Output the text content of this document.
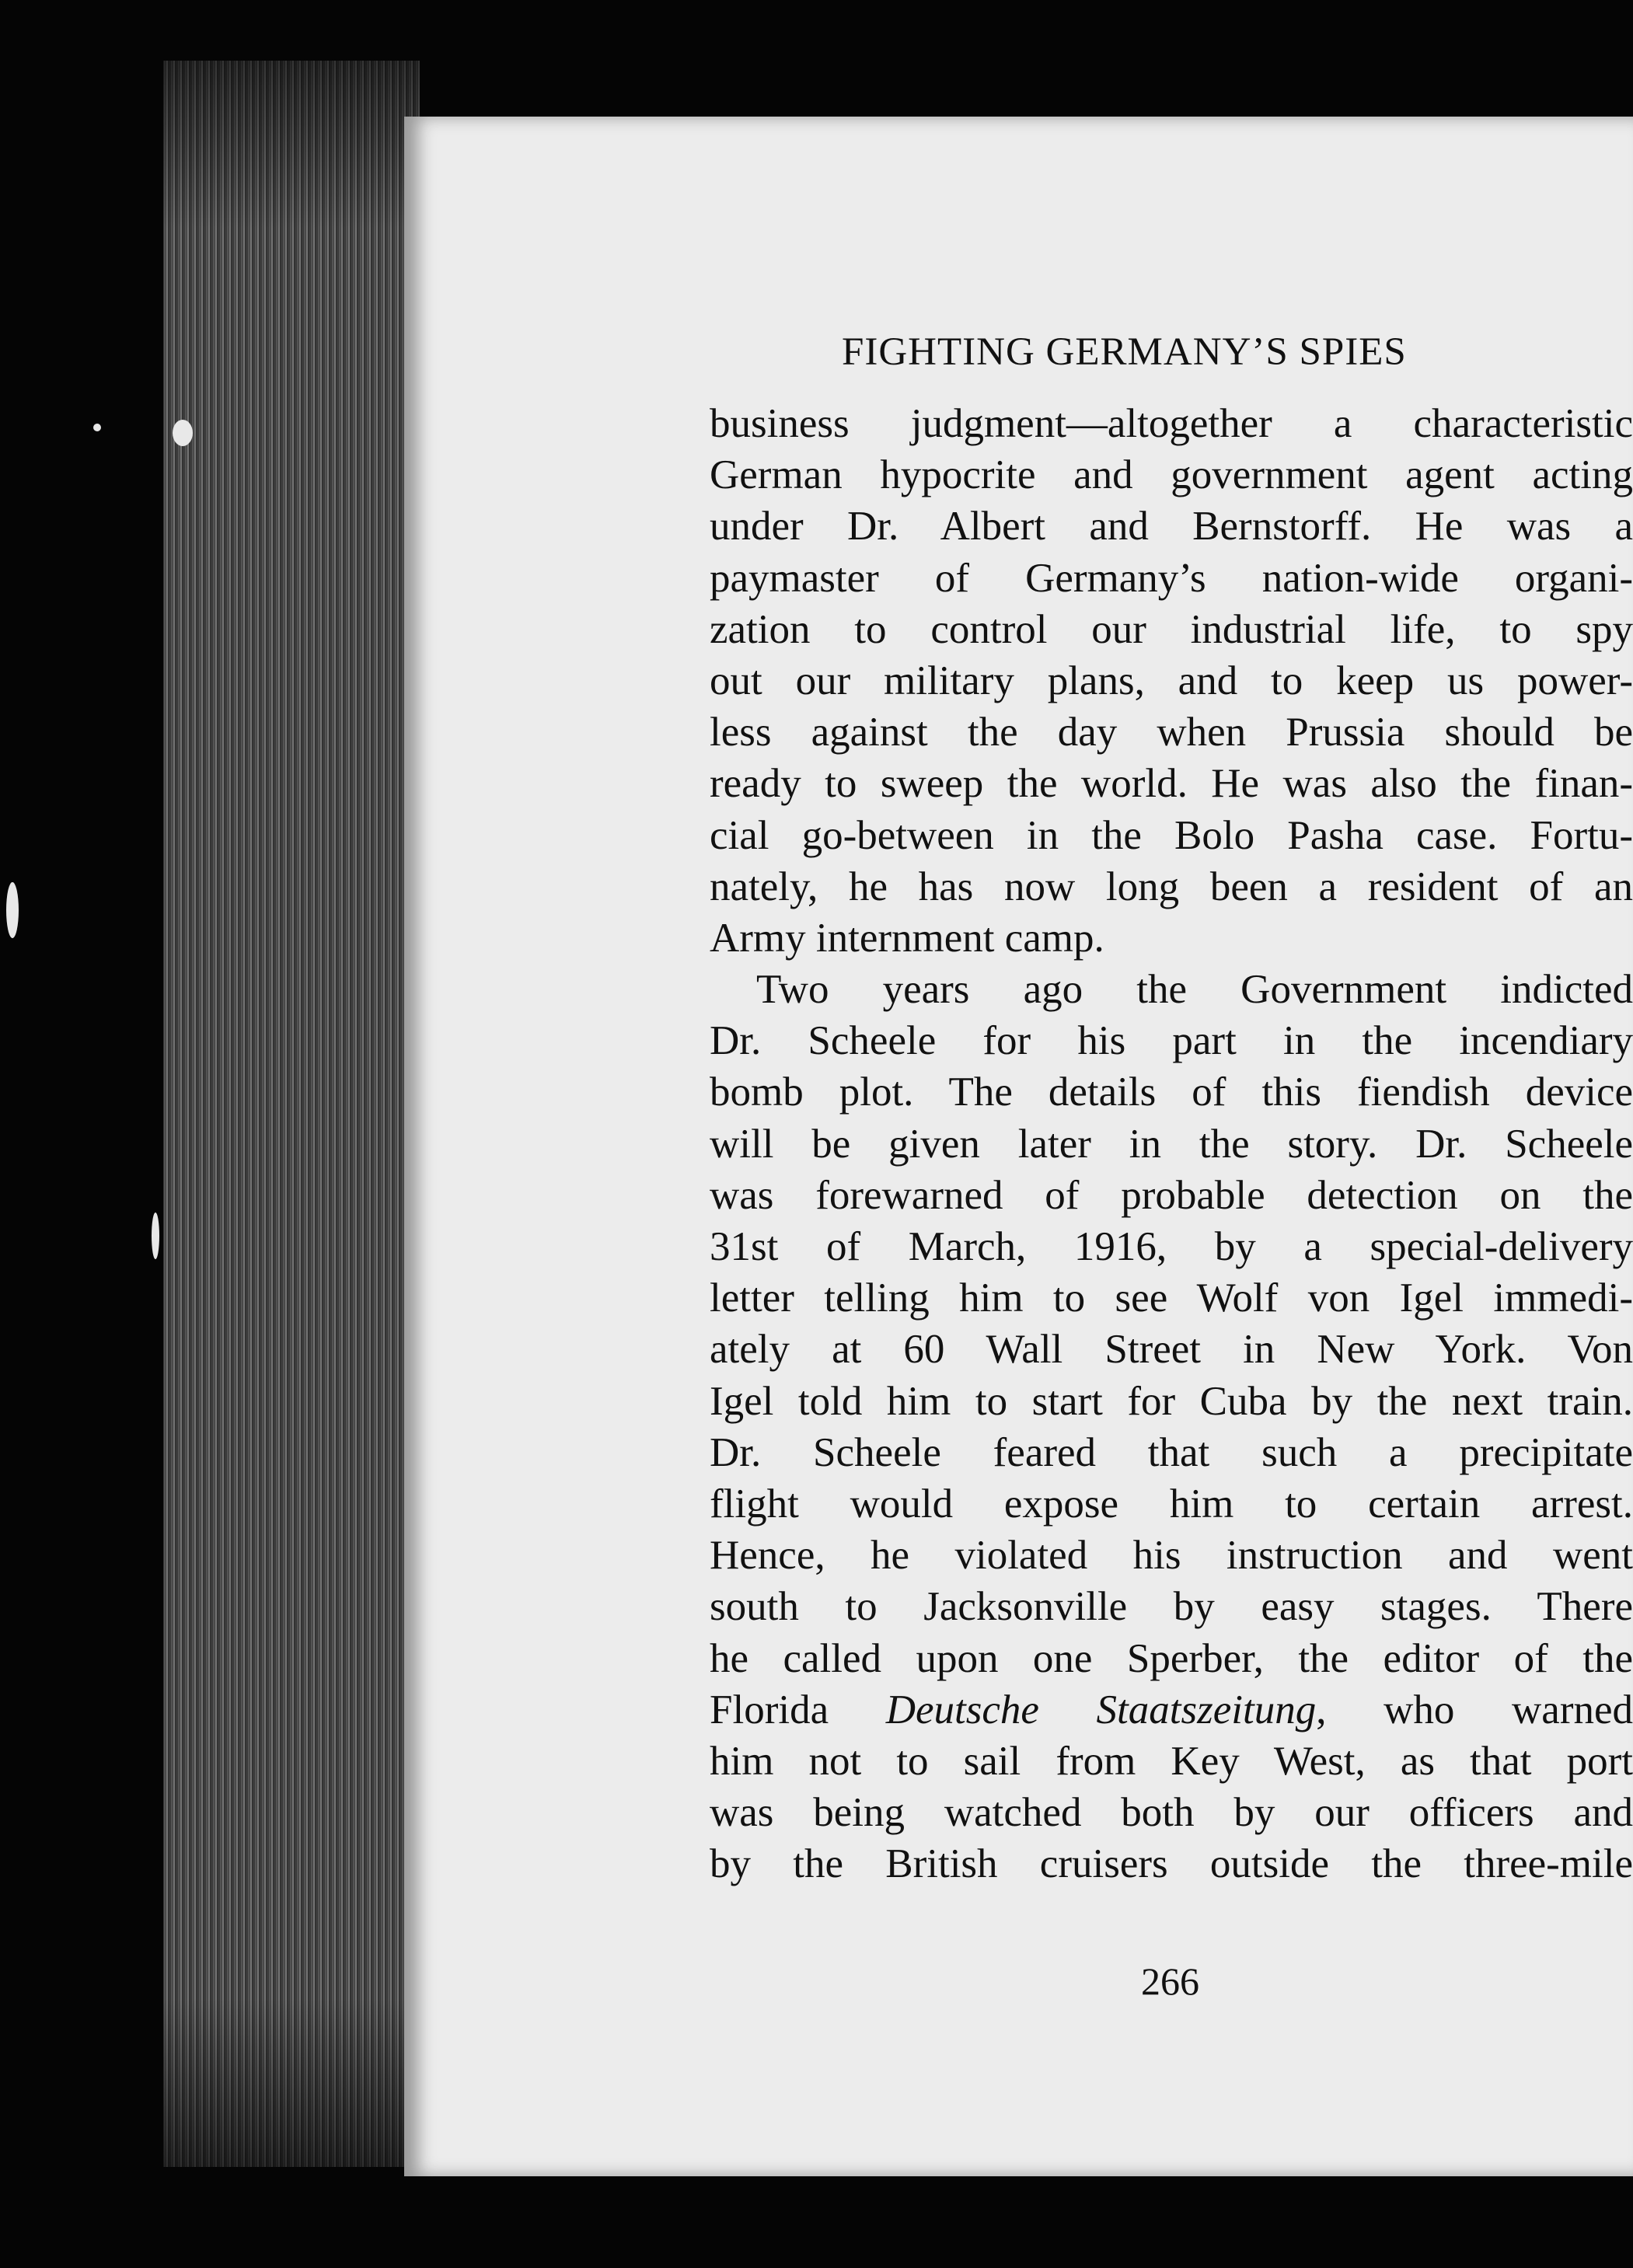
FIGHTING GERMANY’S SPIES
business judgment—altogether a characteristic
German hypocrite and government agent acting
under Dr. Albert and Bernstorff. He was a
paymaster of Germany’s nation-wide organi-
zation to control our industrial life, to spy
out our military plans, and to keep us power-
less against the day when Prussia should be
ready to sweep the world. He was also the finan-
cial go-between in the Bolo Pasha case. Fortu-
nately, he has now long been a resident of an
Army internment camp.
Two years ago the Government indicted
Dr. Scheele for his part in the incendiary
bomb plot. The details of this fiendish device
will be given later in the story. Dr. Scheele
was forewarned of probable detection on the
31st of March, 1916, by a special-delivery
letter telling him to see Wolf von Igel immedi-
ately at 60 Wall Street in New York. Von
Igel told him to start for Cuba by the next train.
Dr. Scheele feared that such a precipitate
flight would expose him to certain arrest.
Hence, he violated his instruction and went
south to Jacksonville by easy stages. There
he called upon one Sperber, the editor of the
Florida Deutsche Staatszeitung, who warned
him not to sail from Key West, as that port
was being watched both by our officers and
by the British cruisers outside the three-mile
266
